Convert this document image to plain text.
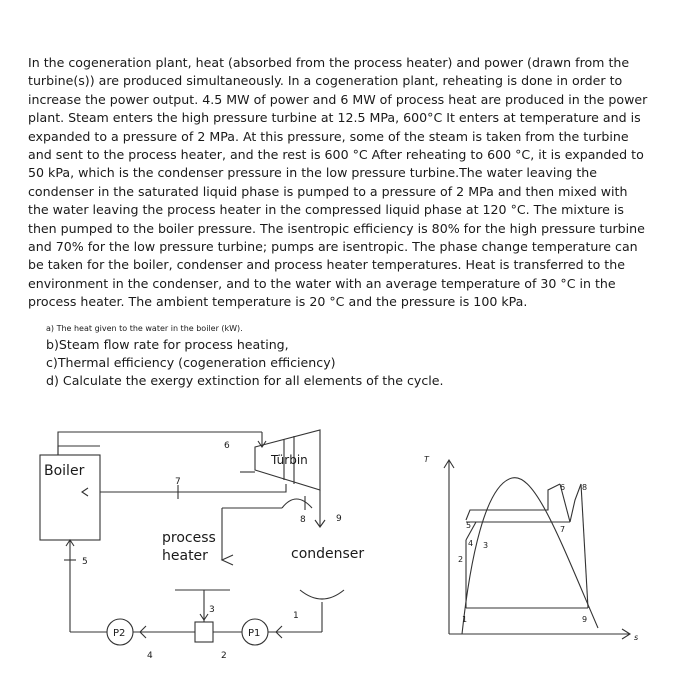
In the cogeneration plant, heat (absorbed from the process heater) and power (drawn from the turbine(s)) are produced simultaneously. In a cogeneration plant, reheating is done in order to increase the power output. 4.5 MW of power and 6 MW of process heat are produced in the power plant. Steam enters the high pressure turbine at 12.5 MPa, 600°C It enters at temperature and is expanded to a pressure of 2 MPa. At this pressure, some of the steam is taken from the turbine and sent to the process heater, and the rest is 600 °C After reheating to 600 °C, it is expanded to 50 kPa, which is the condenser pressure in the low pressure turbine.The water leaving the condenser in the saturated liquid phase is pumped to a pressure of 2 MPa and then mixed with the water leaving the process heater in the compressed liquid phase at 120 °C. The mixture is then pumped to the boiler pressure. The isentropic efficiency is 80% for the high pressure turbine and 70% for the low pressure turbine; pumps are isentropic. The phase change temperature can be taken for the boiler, condenser and process heater temperatures. Heat is transferred to the environment in the condenser, and to the water with an average temperature of 30 °C in the process heater. The ambient temperature is 20 °C and the pressure is 100 kPa.

a) The heat given to the water in the boiler (kW).
b)Steam flow rate for process heating,
c)Thermal efficiency (cogeneration efficiency)
d) Calculate the exergy extinction for all elements of the cycle.
Boiler
Türbin
process
heater	condenser
P2	P1
1
2
3
4
5
6
7
8	9
T
s
1
2
3
4
5
6
7
8
9
